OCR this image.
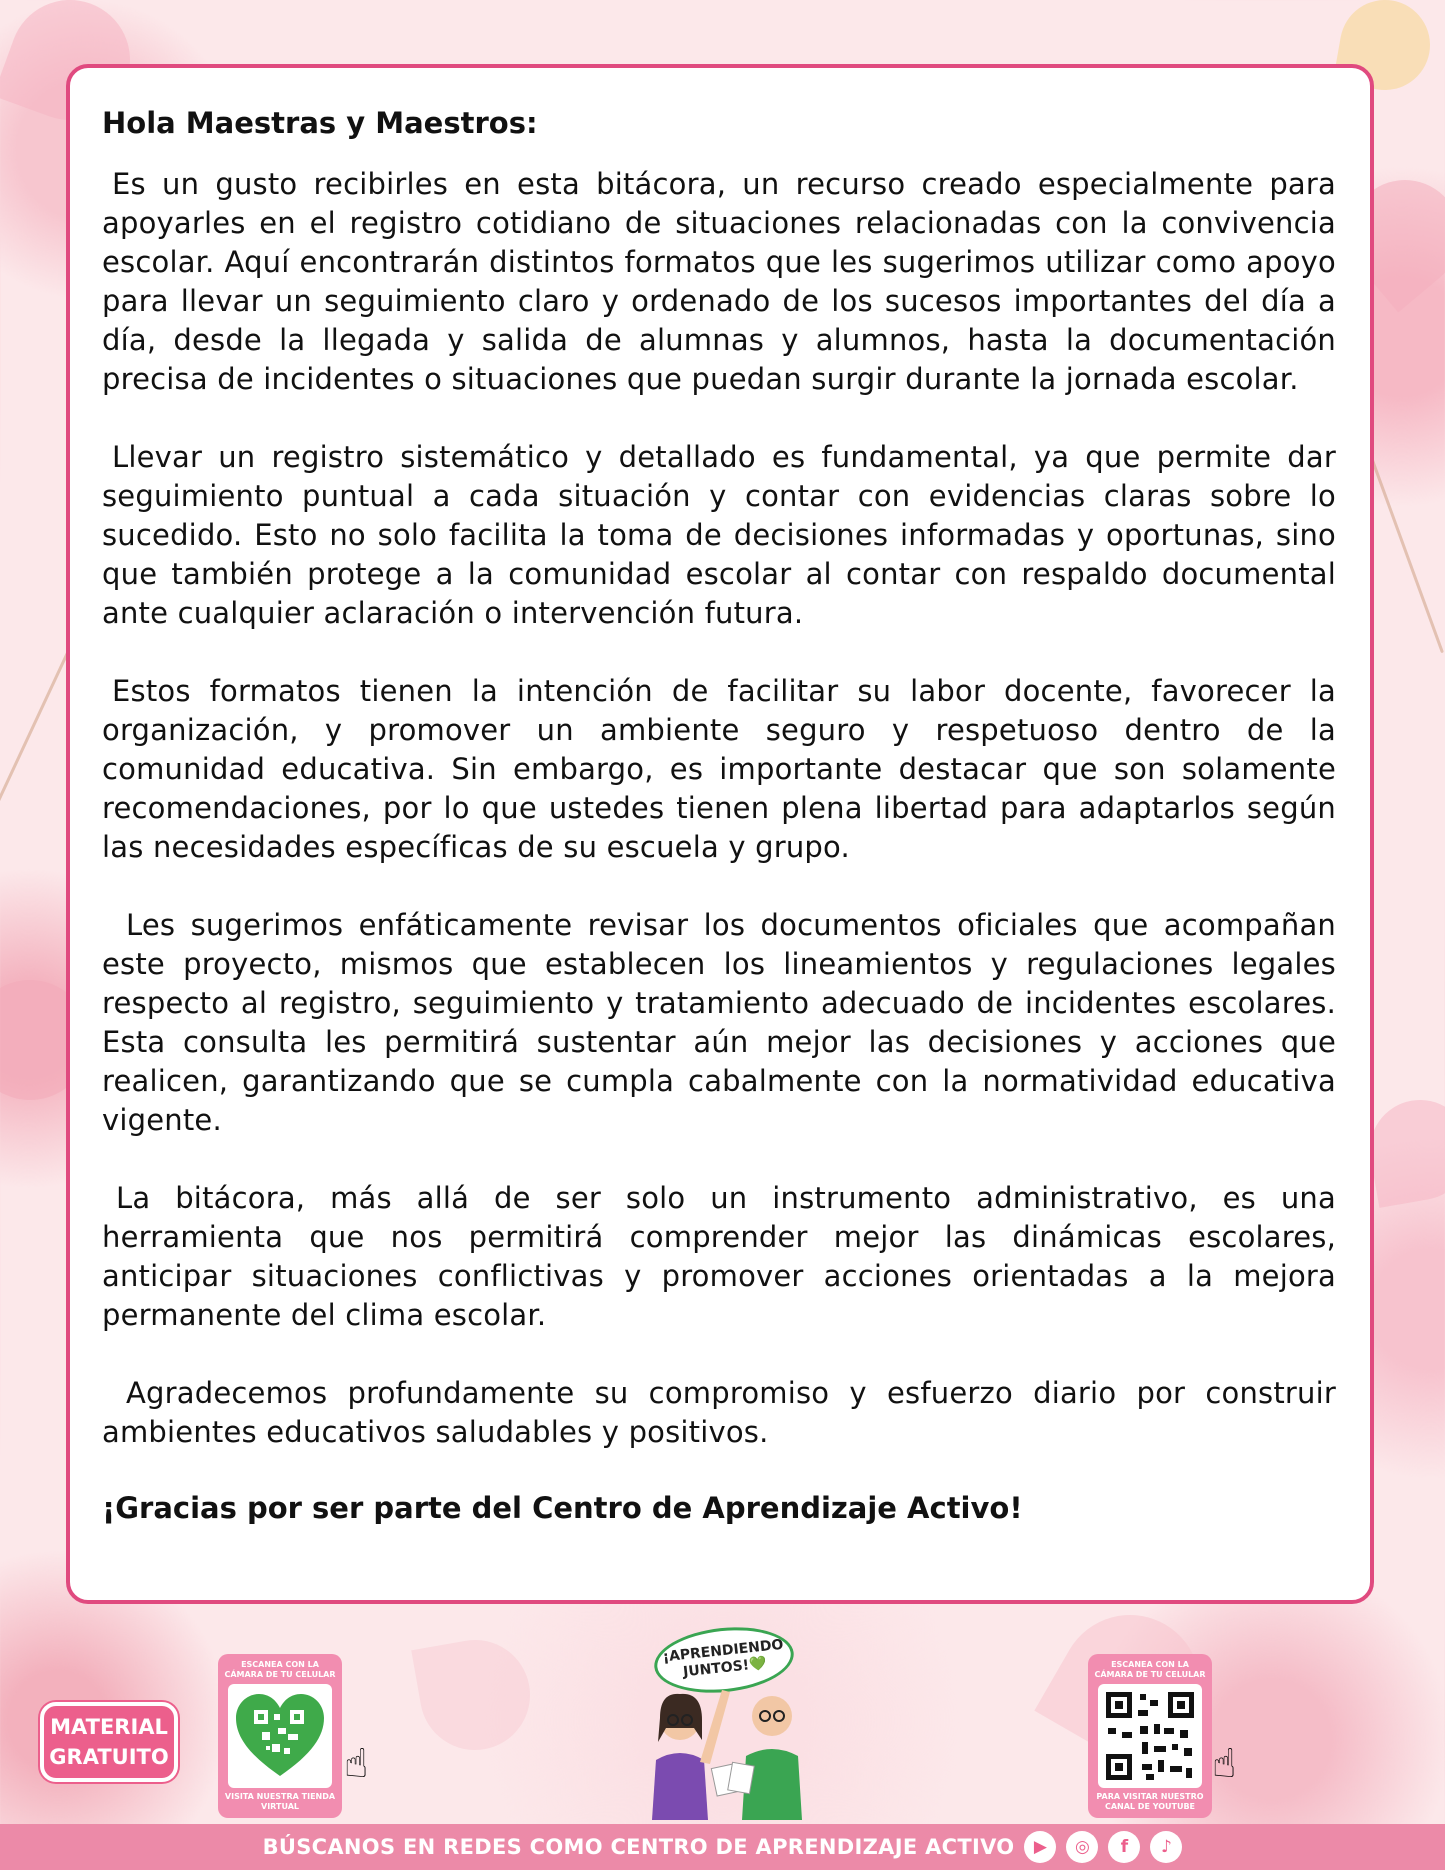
Hola Maestras y Maestros:

Es un gusto recibirles en esta bitácora, un recurso creado especialmente para apoyarles en el registro cotidiano de situaciones relacionadas con la convivencia escolar. Aquí encontrarán distintos formatos que les sugerimos utilizar como apoyo para llevar un seguimiento claro y ordenado de los sucesos importantes del día a día, desde la llegada y salida de alumnas y alumnos, hasta la documentación precisa de incidentes o situaciones que puedan surgir durante la jornada escolar.

Llevar un registro sistemático y detallado es fundamental, ya que permite dar seguimiento puntual a cada situación y contar con evidencias claras sobre lo sucedido. Esto no solo facilita la toma de decisiones informadas y oportunas, sino que también protege a la comunidad escolar al contar con respaldo documental ante cualquier aclaración o intervención futura.

Estos formatos tienen la intención de facilitar su labor docente, favorecer la organización, y promover un ambiente seguro y respetuoso dentro de la comunidad educativa. Sin embargo, es importante destacar que son solamente recomendaciones, por lo que ustedes tienen plena libertad para adaptarlos según las necesidades específicas de su escuela y grupo.

Les sugerimos enfáticamente revisar los documentos oficiales que acompañan este proyecto, mismos que establecen los lineamientos y regulaciones legales respecto al registro, seguimiento y tratamiento adecuado de incidentes escolares. Esta consulta les permitirá sustentar aún mejor las decisiones y acciones que realicen, garantizando que se cumpla cabalmente con la normatividad educativa vigente.

La bitácora, más allá de ser solo un instrumento administrativo, es una herramienta que nos permitirá comprender mejor las dinámicas escolares, anticipar situaciones conflictivas y promover acciones orientadas a la mejora permanente del clima escolar.

Agradecemos profundamente su compromiso y esfuerzo diario por construir ambientes educativos saludables y positivos.

¡Gracias por ser parte del Centro de Aprendizaje Activo!

MATERIAL
GRATUITO
ESCANEA CON LA CÁMARA DE TU CELULAR
VISITA NUESTRA TIENDA VIRTUAL
☝
¡APRENDIENDO JUNTOS!💚	ESCANEA CON LA CÁMARA DE TU CELULAR
PARA VISITAR NUESTRO CANAL DE YOUTUBE
☝
BÚSCANOS EN REDES COMO CENTRO DE APRENDIZAJE ACTIVO	▶	◎	f	♪
